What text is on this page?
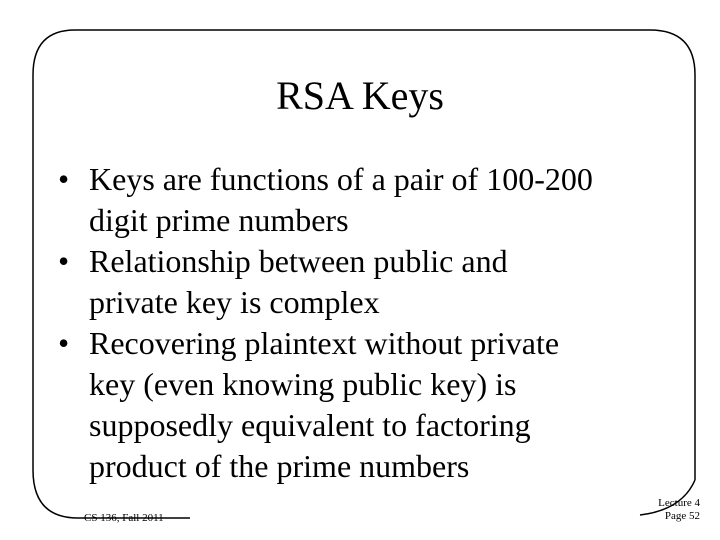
RSA Keys
• Keys are functions of a pair of 100-200
digit prime numbers
• Relationship between public and
private key is complex
• Recovering plaintext without private
key (even knowing public key) is
supposedly equivalent to factoring
product of the prime numbers
CS 136, Fall 2011
Lecture 4
Page 52
